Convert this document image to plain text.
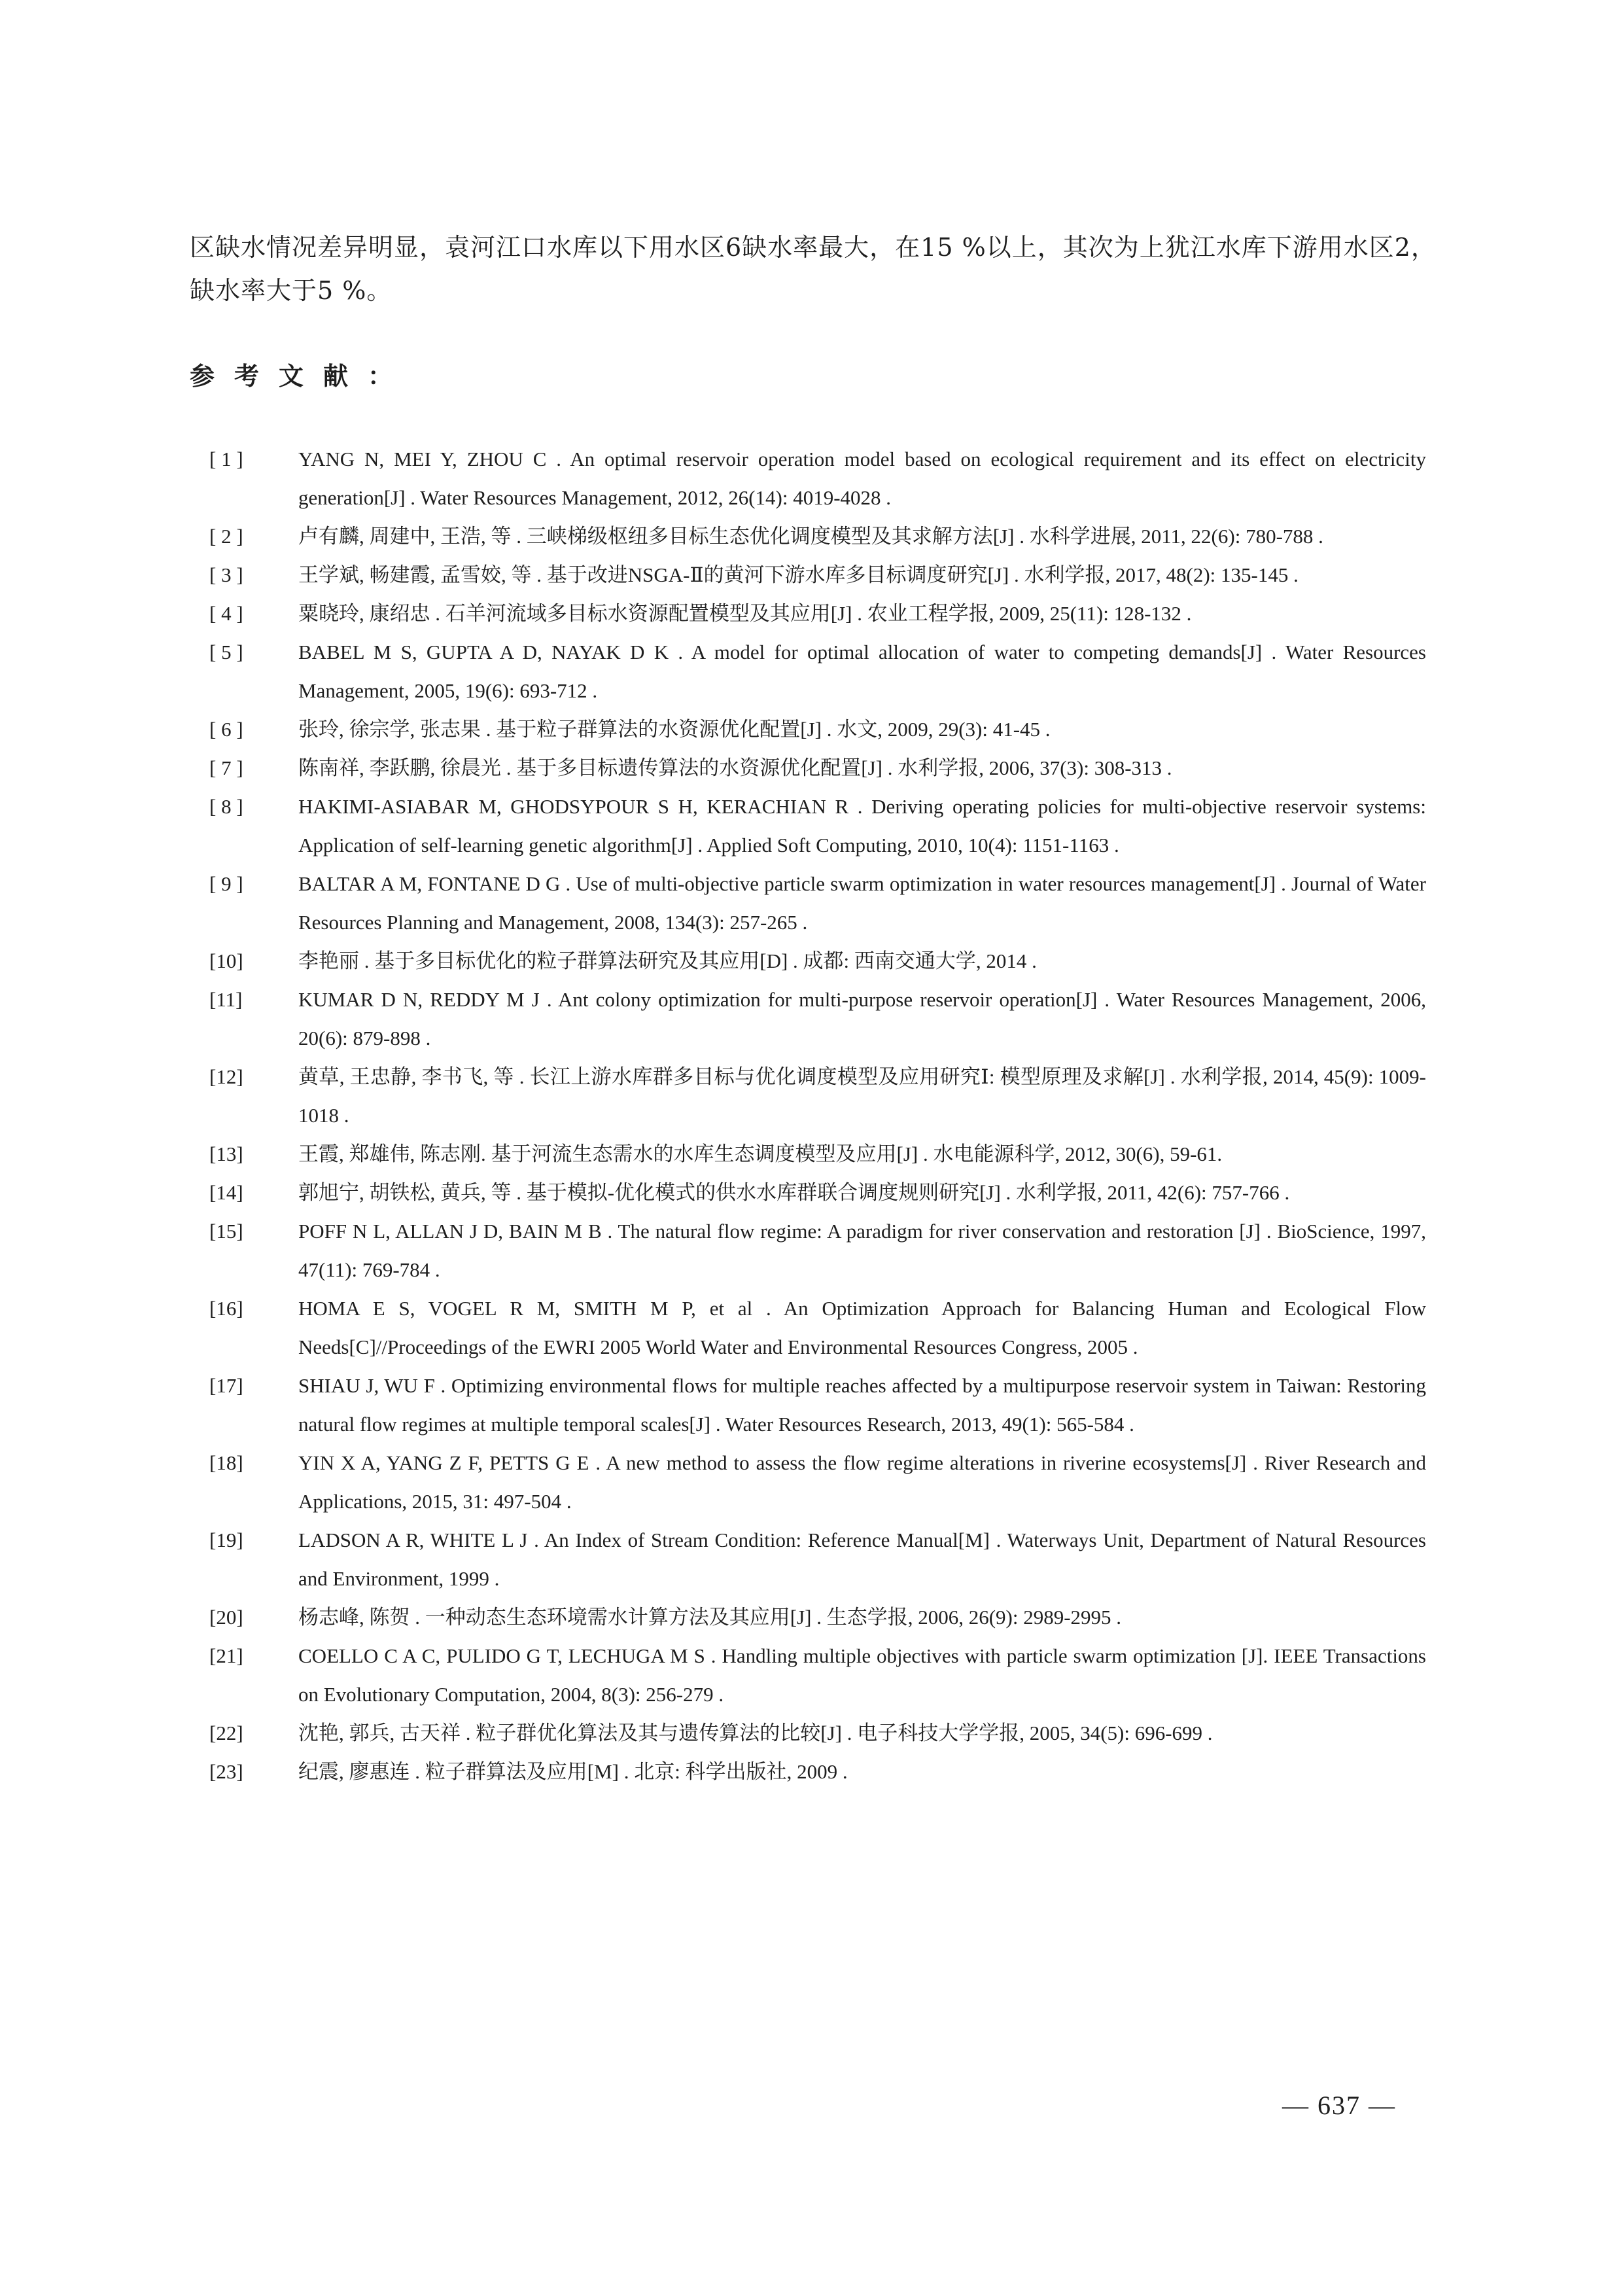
区缺水情况差异明显，袁河江口水库以下用水区6缺水率最大，在15 %以上，其次为上犹江水库下游用水区2，缺水率大于5 %。

参考文献：
[ 1 ]	YANG N, MEI Y, ZHOU C . An optimal reservoir operation model based on ecological requirement and its effect on electricity generation[J] . Water Resources Management, 2012, 26(14): 4019-4028 .
[ 2 ]	卢有麟, 周建中, 王浩, 等 . 三峡梯级枢纽多目标生态优化调度模型及其求解方法[J] . 水科学进展, 2011, 22(6): 780-788 .
[ 3 ]	王学斌, 畅建霞, 孟雪姣, 等 . 基于改进NSGA-Ⅱ的黄河下游水库多目标调度研究[J] . 水利学报, 2017, 48(2): 135-145 .
[ 4 ]	粟晓玲, 康绍忠 . 石羊河流域多目标水资源配置模型及其应用[J] . 农业工程学报, 2009, 25(11): 128-132 .
[ 5 ]	BABEL M S, GUPTA A D, NAYAK D K . A model for optimal allocation of water to competing demands[J] . Water Resources Management, 2005, 19(6): 693-712 .
[ 6 ]	张玲, 徐宗学, 张志果 . 基于粒子群算法的水资源优化配置[J] . 水文, 2009, 29(3): 41-45 .
[ 7 ]	陈南祥, 李跃鹏, 徐晨光 . 基于多目标遗传算法的水资源优化配置[J] . 水利学报, 2006, 37(3): 308-313 .
[ 8 ]	HAKIMI-ASIABAR M, GHODSYPOUR S H, KERACHIAN R . Deriving operating policies for multi-objective reservoir systems: Application of self-learning genetic algorithm[J] . Applied Soft Computing, 2010, 10(4): 1151-1163 .
[ 9 ]	BALTAR A M, FONTANE D G . Use of multi-objective particle swarm optimization in water resources management[J] . Journal of Water Resources Planning and Management, 2008, 134(3): 257-265 .
[10]	李艳丽 . 基于多目标优化的粒子群算法研究及其应用[D] . 成都: 西南交通大学, 2014 .
[11]	KUMAR D N, REDDY M J . Ant colony optimization for multi-purpose reservoir operation[J] . Water Resources Management, 2006, 20(6): 879-898 .
[12]	黄草, 王忠静, 李书飞, 等 . 长江上游水库群多目标与优化调度模型及应用研究Ⅰ: 模型原理及求解[J] . 水利学报, 2014, 45(9): 1009-1018 .
[13]	王霞, 郑雄伟, 陈志刚. 基于河流生态需水的水库生态调度模型及应用[J] . 水电能源科学, 2012, 30(6), 59-61.
[14]	郭旭宁, 胡铁松, 黄兵, 等 . 基于模拟-优化模式的供水水库群联合调度规则研究[J] . 水利学报, 2011, 42(6): 757-766 .
[15]	POFF N L, ALLAN J D, BAIN M B . The natural flow regime: A paradigm for river conservation and restoration [J] . BioScience, 1997, 47(11): 769-784 .
[16]	HOMA E S, VOGEL R M, SMITH M P, et al . An Optimization Approach for Balancing Human and Ecological Flow Needs[C]//Proceedings of the EWRI 2005 World Water and Environmental Resources Congress, 2005 .
[17]	SHIAU J, WU F . Optimizing environmental flows for multiple reaches affected by a multipurpose reservoir system in Taiwan: Restoring natural flow regimes at multiple temporal scales[J] . Water Resources Research, 2013, 49(1): 565-584 .
[18]	YIN X A, YANG Z F, PETTS G E . A new method to assess the flow regime alterations in riverine ecosystems[J] . River Research and Applications, 2015, 31: 497-504 .
[19]	LADSON A R, WHITE L J . An Index of Stream Condition: Reference Manual[M] . Waterways Unit, Department of Natural Resources and Environment, 1999 .
[20]	杨志峰, 陈贺 . 一种动态生态环境需水计算方法及其应用[J] . 生态学报, 2006, 26(9): 2989-2995 .
[21]	COELLO C A C, PULIDO G T, LECHUGA M S . Handling multiple objectives with particle swarm optimization [J]. IEEE Transactions on Evolutionary Computation, 2004, 8(3): 256-279 .
[22]	沈艳, 郭兵, 古天祥 . 粒子群优化算法及其与遗传算法的比较[J] . 电子科技大学学报, 2005, 34(5): 696-699 .
[23]	纪震, 廖惠连 . 粒子群算法及应用[M] . 北京: 科学出版社, 2009 .
— 637 —
